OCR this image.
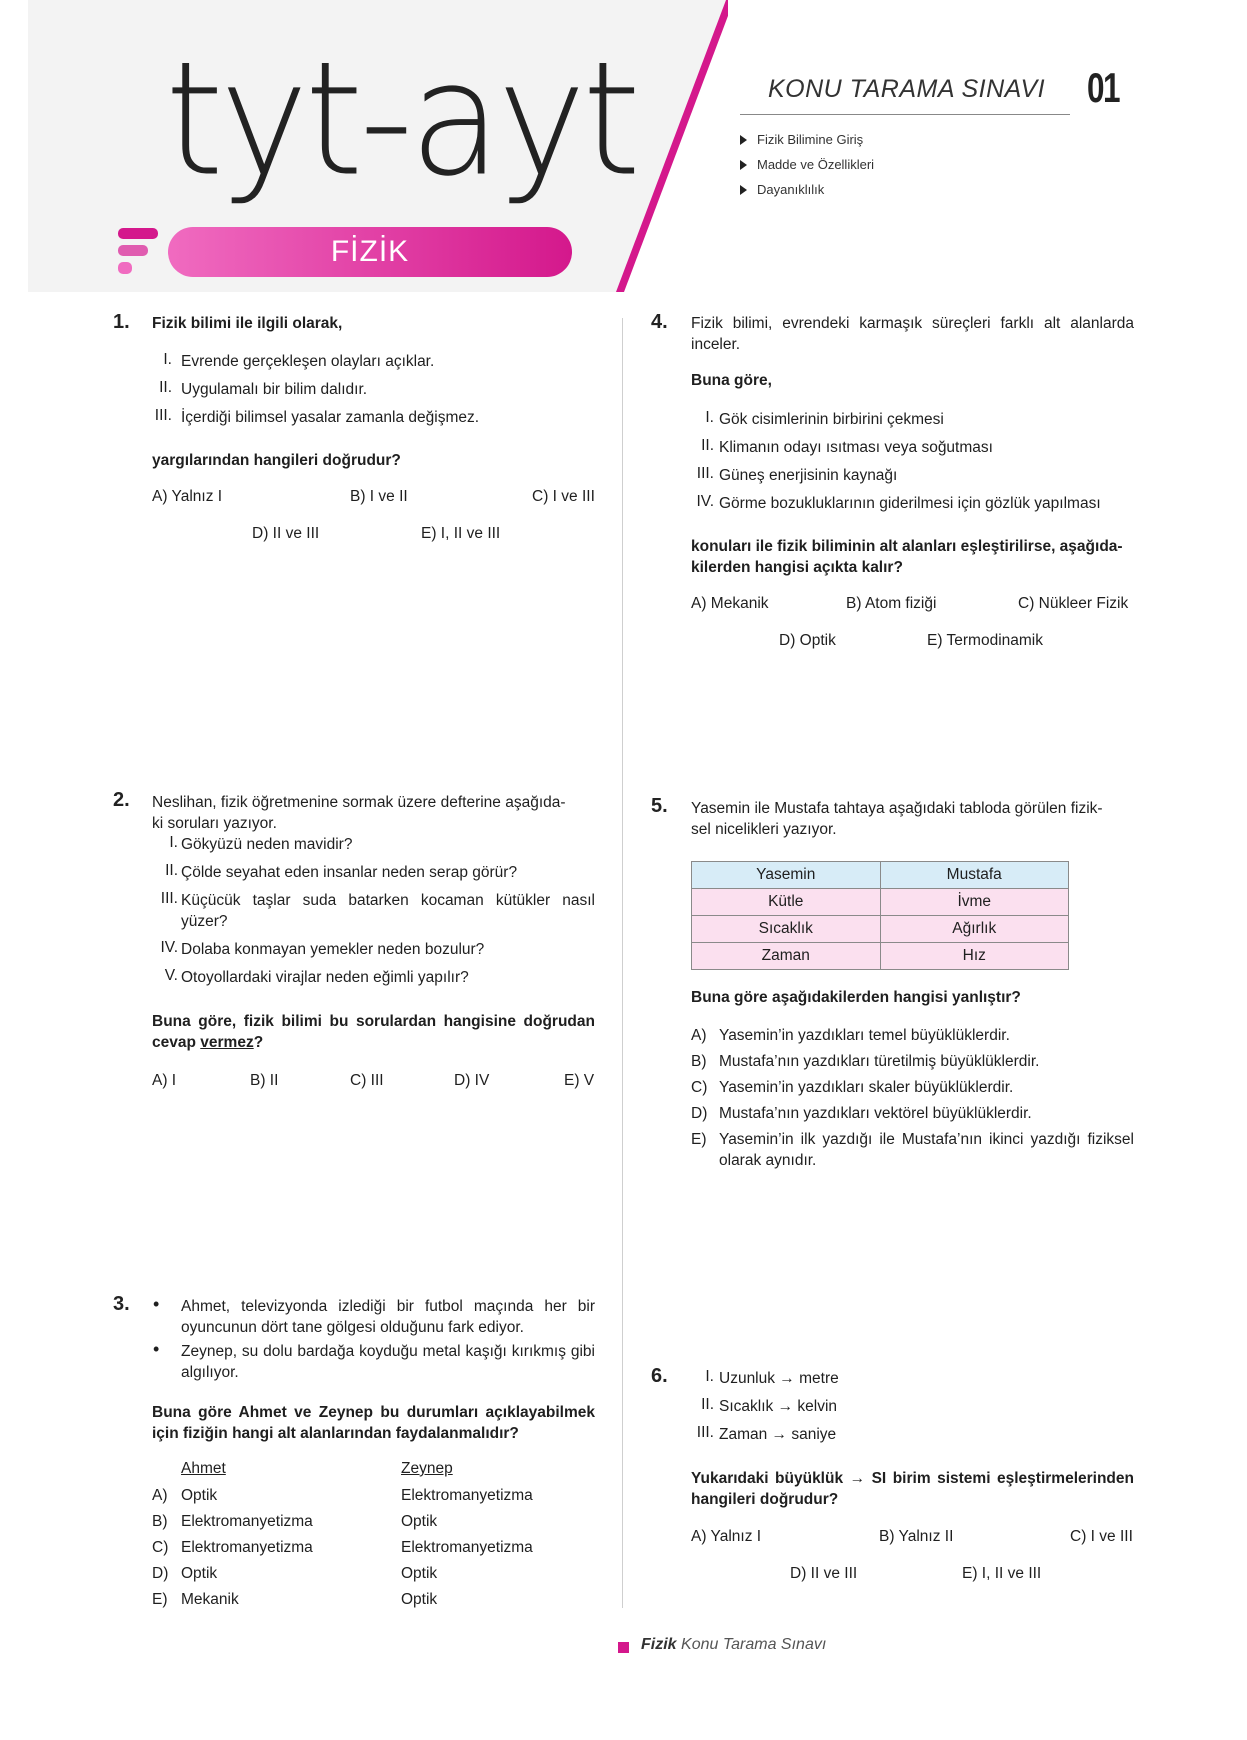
tyt-ayt
FİZİK
KONU TARAMA SINAVI 01
Fizik Bilimine Giriş
Madde ve Özellikleri
Dayanıklılık
1. Fizik bilimi ile ilgili olarak,
I. Evrende gerçekleşen olayları açıklar.
II. Uygulamalı bir bilim dalıdır.
III. İçerdiği bilimsel yasalar zamanla değişmez.
yargılarından hangileri doğrudur?
A) Yalnız I	B) I ve II	C) I ve III
D) II ve III	E) I, II ve III
2. Neslihan, fizik öğretmenine sormak üzere defterine aşağıda-
ki soruları yazıyor.
I. Gökyüzü neden mavidir?
II. Çölde seyahat eden insanlar neden serap görür?
III. Küçücük taşlar suda batarken kocaman kütükler nasıl yüzer?
IV. Dolaba konmayan yemekler neden bozulur?
V. Otoyollardaki virajlar neden eğimli yapılır?
Buna göre, fizik bilimi bu sorulardan hangisine doğrudan cevap vermez?
A) I	B) II	C) III	D) IV	E) V
3. • Ahmet, televizyonda izlediği bir futbol maçında her bir oyuncunun dört tane gölgesi olduğunu fark ediyor.
• Zeynep, su dolu bardağa koyduğu metal kaşığı kırıkmış gibi algılıyor.
Buna göre Ahmet ve Zeynep bu durumları açıklayabilmek için fiziğin hangi alt alanlarından faydalanmalıdır?
Ahmet	Zeynep
A) Optik	Elektromanyetizma
B) Elektromanyetizma	Optik
C) Elektromanyetizma	Elektromanyetizma
D) Optik	Optik
E) Mekanik	Optik
4. Fizik bilimi, evrendeki karmaşık süreçleri farklı alt alanlarda inceler.
Buna göre,
I. Gök cisimlerinin birbirini çekmesi
II. Klimanın odayı ısıtması veya soğutması
III. Güneş enerjisinin kaynağı
IV. Görme bozukluklarının giderilmesi için gözlük yapılması
konuları ile fizik biliminin alt alanları eşleştirilirse, aşağıda-
kilerden hangisi açıkta kalır?
A) Mekanik	B) Atom fiziği	C) Nükleer Fizik
D) Optik	E) Termodinamik
5. Yasemin ile Mustafa tahtaya aşağıdaki tabloda görülen fizik-
sel nicelikleri yazıyor.
Yasemin	Mustafa
Kütle	İvme
Sıcaklık	Ağırlık
Zaman	Hız
Buna göre aşağıdakilerden hangisi yanlıştır?
A) Yasemin’in yazdıkları temel büyüklüklerdir.
B) Mustafa’nın yazdıkları türetilmiş büyüklüklerdir.
C) Yasemin’in yazdıkları skaler büyüklüklerdir.
D) Mustafa’nın yazdıkları vektörel büyüklüklerdir.
E) Yasemin’in ilk yazdığı ile Mustafa’nın ikinci yazdığı fiziksel olarak aynıdır.
6.	I. Uzunluk → metre
II. Sıcaklık → kelvin
III. Zaman → saniye
Yukarıdaki büyüklük → SI birim sistemi eşleştirmelerinden hangileri doğrudur?
A) Yalnız I	B) Yalnız II	C) I ve III
D) II ve III	E) I, II ve III
Fizik Konu Tarama Sınavı
